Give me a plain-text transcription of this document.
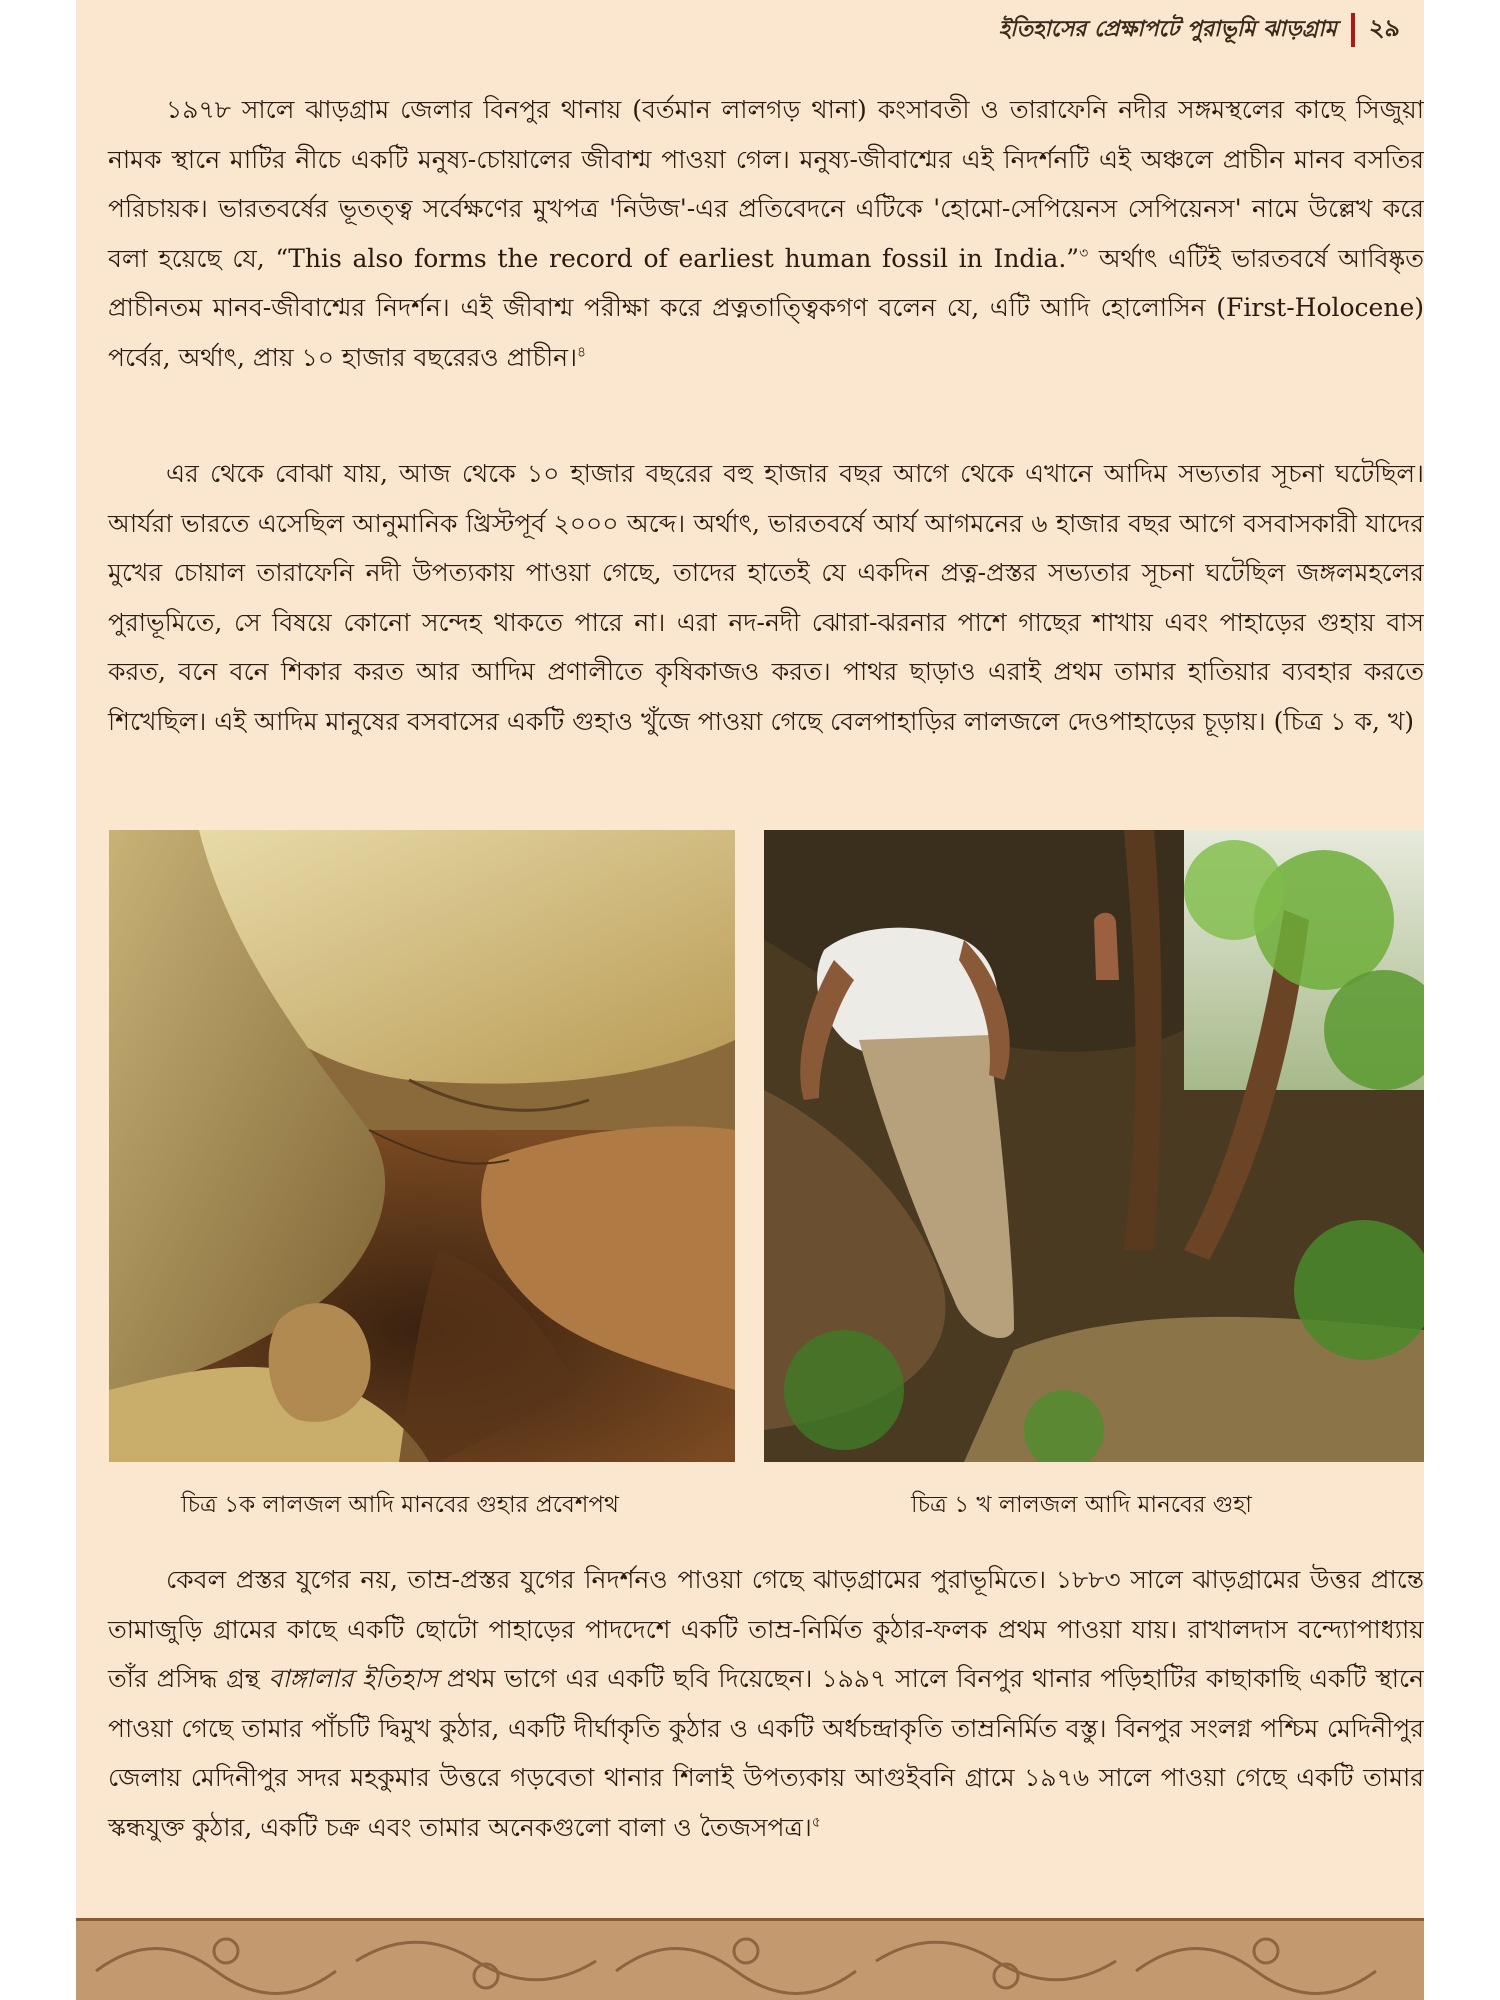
ইতিহাসের প্রেক্ষাপটে পুরাভূমি ঝাড়গ্রাম ২৯

১৯৭৮ সালে ঝাড়গ্রাম জেলার বিনপুর থানায় (বর্তমান লালগড় থানা) কংসাবতী ও তারাফেনি নদীর সঙ্গমস্থলের কাছে সিজুয়া নামক স্থানে মাটির নীচে একটি মনুষ্য-চোয়ালের জীবাশ্ম পাওয়া গেল। মনুষ্য-জীবাশ্মের এই নিদর্শনটি এই অঞ্চলে প্রাচীন মানব বসতির পরিচায়ক। ভারতবর্ষের ভূতত্ত্ব সর্বেক্ষণের মুখপত্র 'নিউজ'-এর প্রতিবেদনে এটিকে 'হোমো-সেপিয়েনস সেপিয়েনস' নামে উল্লেখ করে বলা হয়েছে যে, “This also forms the record of earliest human fossil in India.”$^৩$ অর্থাৎ এটিই ভারতবর্ষে আবিষ্কৃত প্রাচীনতম মানব-জীবাশ্মের নিদর্শন। এই জীবাশ্ম পরীক্ষা করে প্রত্নতাত্ত্বিকগণ বলেন যে, এটি আদি হোলোসিন (First-Holocene) পর্বের, অর্থাৎ, প্রায় ১০ হাজার বছরেরও প্রাচীন।$^৪$

এর থেকে বোঝা যায়, আজ থেকে ১০ হাজার বছরের বহু হাজার বছর আগে থেকে এখানে আদিম সভ্যতার সূচনা ঘটেছিল। আর্যরা ভারতে এসেছিল আনুমানিক খ্রিস্টপূর্ব ২০০০ অব্দে। অর্থাৎ, ভারতবর্ষে আর্য আগমনের ৬ হাজার বছর আগে বসবাসকারী যাদের মুখের চোয়াল তারাফেনি নদী উপত্যকায় পাওয়া গেছে, তাদের হাতেই যে একদিন প্রত্ন-প্রস্তর সভ্যতার সূচনা ঘটেছিল জঙ্গলমহলের পুরাভূমিতে, সে বিষয়ে কোনো সন্দেহ থাকতে পারে না। এরা নদ-নদী ঝোরা-ঝরনার পাশে গাছের শাখায় এবং পাহাড়ের গুহায় বাস করত, বনে বনে শিকার করত আর আদিম প্রণালীতে কৃষিকাজও করত। পাথর ছাড়াও এরাই প্রথম তামার হাতিয়ার ব্যবহার করতে শিখেছিল। এই আদিম মানুষের বসবাসের একটি গুহাও খুঁজে পাওয়া গেছে বেলপাহাড়ির লালজলে দেওপাহাড়ের চূড়ায়। (চিত্র ১ ক, খ)

চিত্র ১ক লালজল আদি মানবের গুহার প্রবেশপথ	চিত্র ১ খ লালজল আদি মানবের গুহা

কেবল প্রস্তর যুগের নয়, তাম্র-প্রস্তর যুগের নিদর্শনও পাওয়া গেছে ঝাড়গ্রামের পুরাভূমিতে। ১৮৮৩ সালে ঝাড়গ্রামের উত্তর প্রান্তে তামাজুড়ি গ্রামের কাছে একটি ছোটো পাহাড়ের পাদদেশে একটি তাম্র-নির্মিত কুঠার-ফলক প্রথম পাওয়া যায়। রাখালদাস বন্দ্যোপাধ্যায় তাঁর প্রসিদ্ধ গ্রন্থ বাঙ্গালার ইতিহাস প্রথম ভাগে এর একটি ছবি দিয়েছেন। ১৯৯৭ সালে বিনপুর থানার পড়িহাটির কাছাকাছি একটি স্থানে পাওয়া গেছে তামার পাঁচটি দ্বিমুখ কুঠার, একটি দীর্ঘাকৃতি কুঠার ও একটি অর্ধচন্দ্রাকৃতি তাম্রনির্মিত বস্তু। বিনপুর সংলগ্ন পশ্চিম মেদিনীপুর জেলায় মেদিনীপুর সদর মহকুমার উত্তরে গড়বেতা থানার শিলাই উপত্যকায় আগুইবনি গ্রামে ১৯৭৬ সালে পাওয়া গেছে একটি তামার স্কন্ধযুক্ত কুঠার, একটি চক্র এবং তামার অনেকগুলো বালা ও তৈজসপত্র।$^৫$
